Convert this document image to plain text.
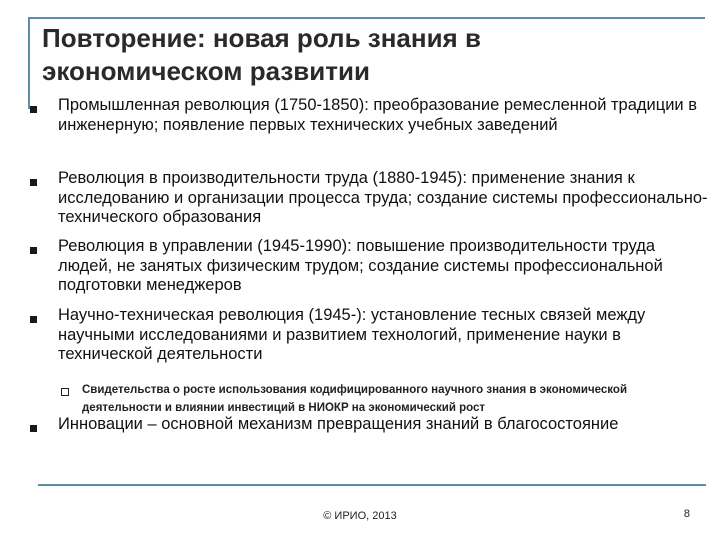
Повторение: новая роль знания в экономическом развитии
Промышленная революция (1750-1850): преобразование ремесленной традиции в инженерную; появление первых технических учебных заведений
Революция в производительности труда (1880-1945): применение знания к исследованию и организации процесса труда; создание системы профессионально-технического образования
Революция в управлении (1945-1990): повышение производительности труда людей, не занятых физическим трудом; создание системы профессиональной подготовки менеджеров
Научно-техническая революция (1945-): установление тесных связей между научными исследованиями и развитием технологий, применение науки в технической деятельности
Свидетельства о росте использования кодифицированного научного знания в экономической деятельности и влиянии инвестиций в НИОКР на экономический рост
Инновации – основной механизм превращения знаний в благосостояние
© ИРИО, 2013	8
